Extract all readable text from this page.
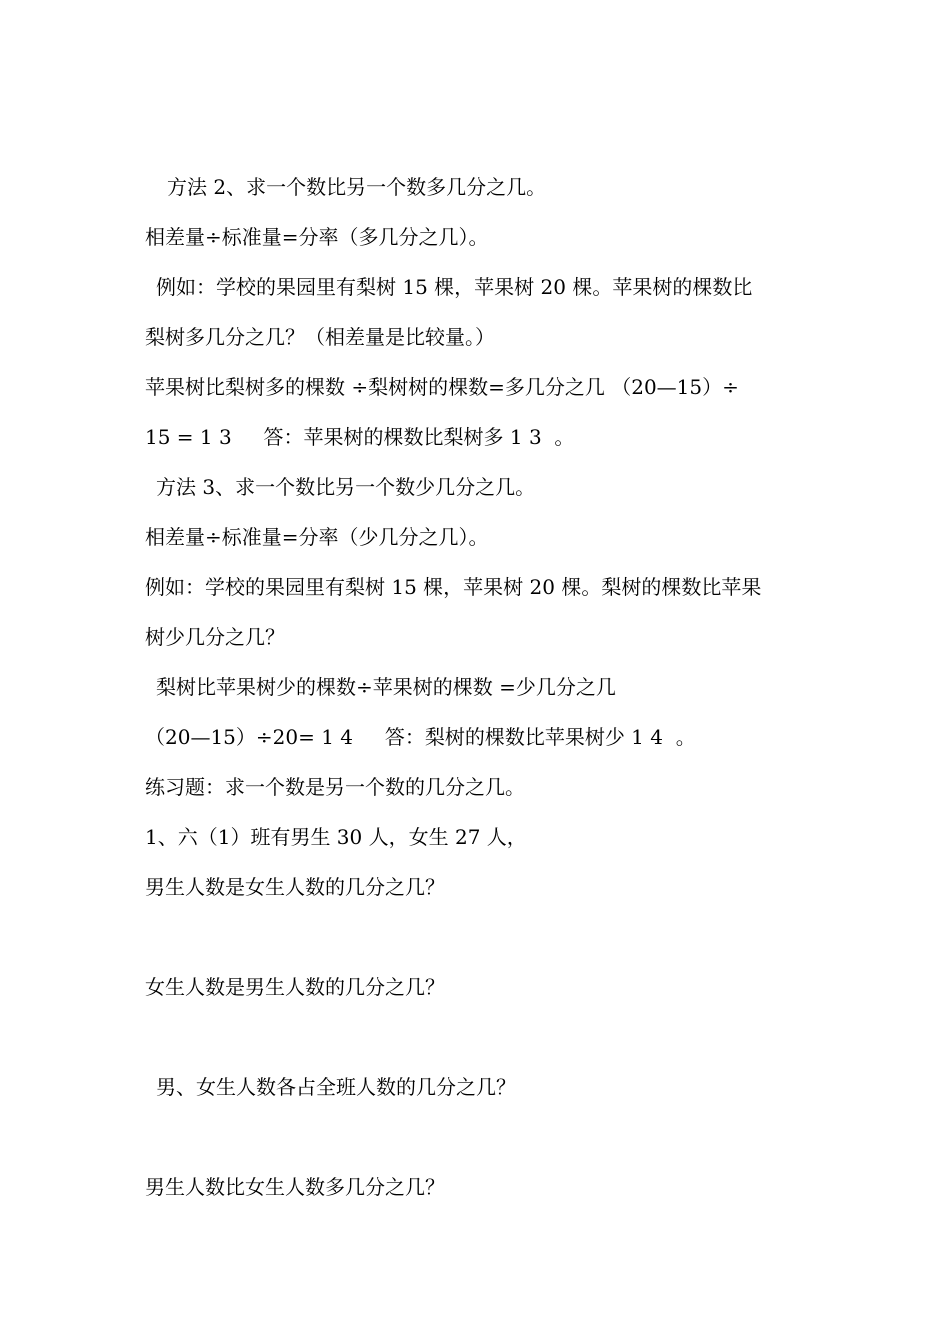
方法 2、求一个数比另一个数多几分之几。
相差量÷标准量=分率（多几分之几）。
例如：学校的果园里有梨树 15 棵，苹果树 20 棵。苹果树的棵数比
梨树多几分之几？（相差量是比较量。）
苹果树比梨树多的棵数 ÷梨树树的棵数=多几分之几 （20—15）÷
15 = 1 3     答：苹果树的棵数比梨树多 1 3  。
方法 3、求一个数比另一个数少几分之几。
相差量÷标准量=分率（少几分之几）。
例如：学校的果园里有梨树 15 棵，苹果树 20 棵。梨树的棵数比苹果
树少几分之几？
梨树比苹果树少的棵数÷苹果树的棵数 =少几分之几
（20—15）÷20= 1 4     答：梨树的棵数比苹果树少 1 4  。
练习题：求一个数是另一个数的几分之几。
1、六（1）班有男生 30 人，女生 27 人，
男生人数是女生人数的几分之几？
女生人数是男生人数的几分之几？
男、女生人数各占全班人数的几分之几？
男生人数比女生人数多几分之几？
